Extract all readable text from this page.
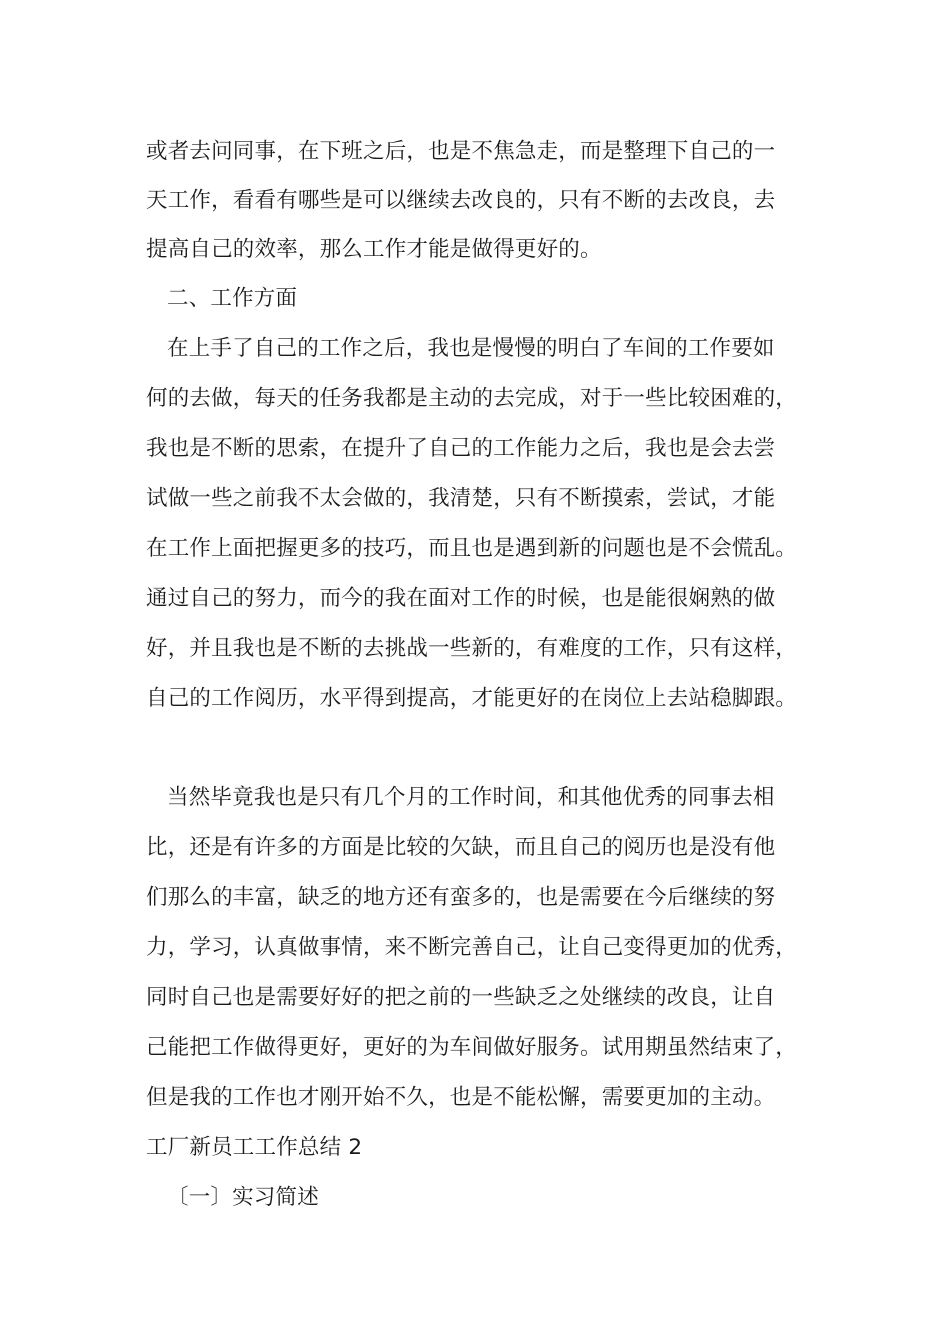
或者去问同事，在下班之后，也是不焦急走，而是整理下自己的一
天工作，看看有哪些是可以继续去改良的，只有不断的去改良，去
提高自己的效率，那么工作才能是做得更好的。
二、工作方面
在上手了自己的工作之后，我也是慢慢的明白了车间的工作要如
何的去做，每天的任务我都是主动的去完成，对于一些比较困难的，
我也是不断的思索，在提升了自己的工作能力之后，我也是会去尝
试做一些之前我不太会做的，我清楚，只有不断摸索，尝试，才能
在工作上面把握更多的技巧，而且也是遇到新的问题也是不会慌乱。
通过自己的努力，而今的我在面对工作的时候，也是能很娴熟的做
好，并且我也是不断的去挑战一些新的，有难度的工作，只有这样，
自己的工作阅历，水平得到提高，才能更好的在岗位上去站稳脚跟。
当然毕竟我也是只有几个月的工作时间，和其他优秀的同事去相
比，还是有许多的方面是比较的欠缺，而且自己的阅历也是没有他
们那么的丰富，缺乏的地方还有蛮多的，也是需要在今后继续的努
力，学习，认真做事情，来不断完善自己，让自己变得更加的优秀，
同时自己也是需要好好的把之前的一些缺乏之处继续的改良，让自
己能把工作做得更好，更好的为车间做好服务。试用期虽然结束了，
但是我的工作也才刚开始不久，也是不能松懈，需要更加的主动。
工厂新员工工作总结 2
〔一〕实习简述
